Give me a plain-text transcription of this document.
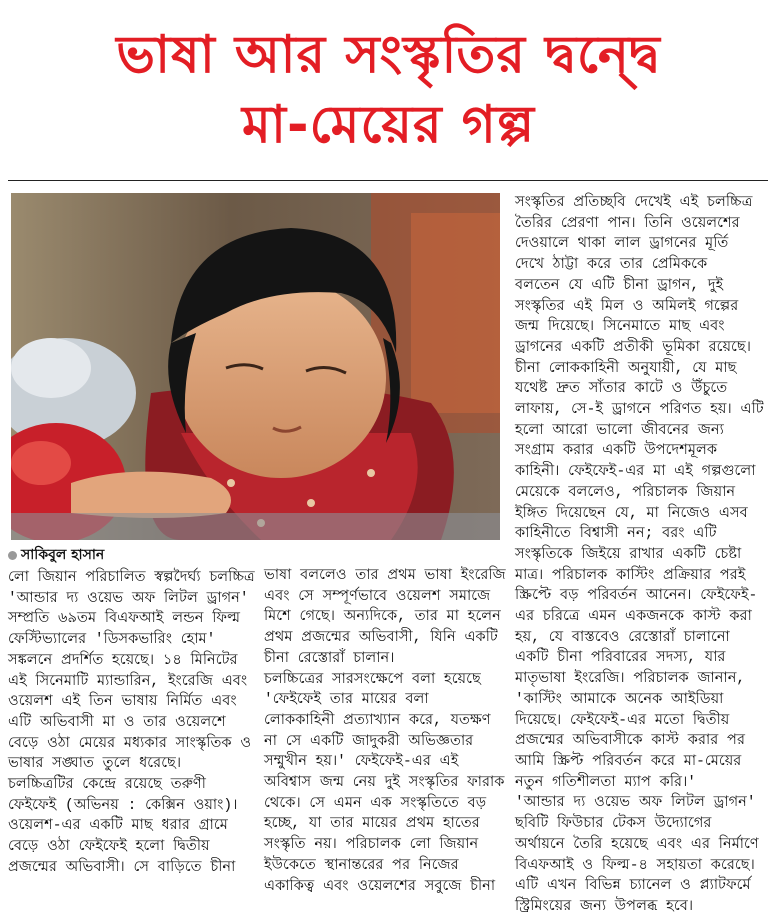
ভাষা আর সংস্কৃতির দ্বন্দ্বে
মা-মেয়ের গল্প
সাকিবুল হাসান
লো জিয়ান পরিচালিত স্বল্পদৈর্ঘ্য চলচ্চিত্র
'আন্ডার দ্য ওয়েভ অফ লিটল ড্রাগন'
সম্প্রতি ৬৯তম বিএফআই লন্ডন ফিল্ম
ফেস্টিভ্যালের 'ডিসকভারিং হোম'
সঙ্কলনে প্রদর্শিত হয়েছে। ১৪ মিনিটের
এই সিনেমাটি ম্যান্ডারিন, ইংরেজি এবং
ওয়েলশ এই তিন ভাষায় নির্মিত এবং
এটি অভিবাসী মা ও তার ওয়েলশে
বেড়ে ওঠা মেয়ের মধ্যকার সাংস্কৃতিক ও
ভাষার সঙ্ঘাত তুলে ধরেছে।
চলচ্চিত্রটির কেন্দ্রে রয়েছে তরুণী
ফেইফেই (অভিনয় : কেক্সিন ওয়াং)।
ওয়েলশ-এর একটি মাছ ধরার গ্রামে
বেড়ে ওঠা ফেইফেই হলো দ্বিতীয়
প্রজন্মের অভিবাসী। সে বাড়িতে চীনা
ভাষা বললেও তার প্রথম ভাষা ইংরেজি
এবং সে সম্পূর্ণভাবে ওয়েলশ সমাজে
মিশে গেছে। অন্যদিকে, তার মা হলেন
প্রথম প্রজন্মের অভিবাসী, যিনি একটি
চীনা রেস্তোরাঁ চালান।
চলচ্চিত্রের সারসংক্ষেপে বলা হয়েছে
'ফেইফেই তার মায়ের বলা
লোককাহিনী প্রত্যাখ্যান করে, যতক্ষণ
না সে একটি জাদুকরী অভিজ্ঞতার
সম্মুখীন হয়।' ফেইফেই-এর এই
অবিশ্বাস জন্ম নেয় দুই সংস্কৃতির ফারাক
থেকে। সে এমন এক সংস্কৃতিতে বড়
হচ্ছে, যা তার মায়ের প্রথম হাতের
সংস্কৃতি নয়। পরিচালক লো জিয়ান
ইউকেতে স্থানান্তরের পর নিজের
একাকিত্ব এবং ওয়েলশের সবুজে চীনা
সংস্কৃতির প্রতিচ্ছবি দেখেই এই চলচ্চিত্র
তৈরির প্রেরণা পান। তিনি ওয়েলশের
দেওয়ালে থাকা লাল ড্রাগনের মূর্তি
দেখে ঠাট্টা করে তার প্রেমিককে
বলতেন যে এটি চীনা ড্রাগন, দুই
সংস্কৃতির এই মিল ও অমিলই গল্পের
জন্ম দিয়েছে। সিনেমাতে মাছ এবং
ড্রাগনের একটি প্রতীকী ভূমিকা রয়েছে।
চীনা লোককাহিনী অনুযায়ী, যে মাছ
যথেষ্ট দ্রুত সাঁতার কাটে ও উঁচুতে
লাফায়, সে-ই ড্রাগনে পরিণত হয়। এটি
হলো আরো ভালো জীবনের জন্য
সংগ্রাম করার একটি উপদেশমূলক
কাহিনী। ফেইফেই-এর মা এই গল্পগুলো
মেয়েকে বললেও, পরিচালক জিয়ান
ইঙ্গিত দিয়েছেন যে, মা নিজেও এসব
কাহিনীতে বিশ্বাসী নন; বরং এটি
সংস্কৃতিকে জিইয়ে রাখার একটি চেষ্টা
মাত্র। পরিচালক কাস্টিং প্রক্রিয়ার পরই
স্ক্রিপ্টে বড় পরিবর্তন আনেন। ফেইফেই-
এর চরিত্রে এমন একজনকে কাস্ট করা
হয়, যে বাস্তবেও রেস্তোরাঁ চালানো
একটি চীনা পরিবারের সদস্য, যার
মাতৃভাষা ইংরেজি। পরিচালক জানান,
'কাস্টিং আমাকে অনেক আইডিয়া
দিয়েছে। ফেইফেই-এর মতো দ্বিতীয়
প্রজন্মের অভিবাসীকে কাস্ট করার পর
আমি স্ক্রিপ্ট পরিবর্তন করে মা-মেয়ের
নতুন গতিশীলতা ম্যাপ করি।'
'আন্ডার দ্য ওয়েভ অফ লিটল ড্রাগন'
ছবিটি ফিউচার টেকস উদ্যোগের
অর্থায়নে তৈরি হয়েছে এবং এর নির্মাণে
বিএফআই ও ফিল্ম-৪ সহায়তা করেছে।
এটি এখন বিভিন্ন চ্যানেল ও প্ল্যাটফর্মে
স্ট্রিমিংয়ের জন্য উপলব্ধ হবে।
